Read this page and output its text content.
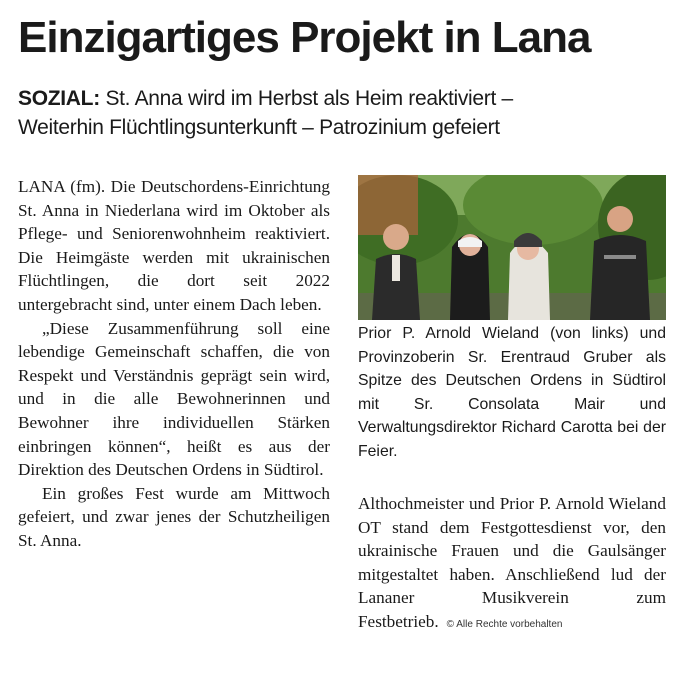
Einzigartiges Projekt in Lana
SOZIAL: St. Anna wird im Herbst als Heim reaktiviert –
Weiterhin Flüchtlingsunterkunft – Patrozinium gefeiert

LANA (fm). Die Deutschordens-Einrichtung St. Anna in Niederlana wird im Oktober als Pflege- und Seniorenwohnheim reaktiviert. Die Heimgäste werden mit ukrainischen Flüchtlingen, die dort seit 2022 untergebracht sind, unter einem Dach leben.

„Diese Zusammenführung soll eine lebendige Gemeinschaft schaffen, die von Respekt und Verständnis geprägt sein wird, und in die alle Bewohnerinnen und Bewohner ihre individuellen Stärken einbringen können“, heißt es aus der Direktion des Deutschen Ordens in Südtirol.

Ein großes Fest wurde am Mittwoch gefeiert, und zwar jenes der Schutzheiligen St. Anna.

Prior P. Arnold Wieland (von links) und Provinzoberin Sr. Erentraud Gruber als Spitze des Deutschen Ordens in Südtirol mit Sr. Consolata Mair und Verwaltungsdirektor Richard Carotta bei der Feier.

Althochmeister und Prior P. Arnold Wieland OT stand dem Festgottesdienst vor, den ukrainische Frauen und die Gaulsänger mitgestaltet haben. Anschließend lud der Lananer Musikverein zum Festbetrieb. © Alle Rechte vorbehalten
